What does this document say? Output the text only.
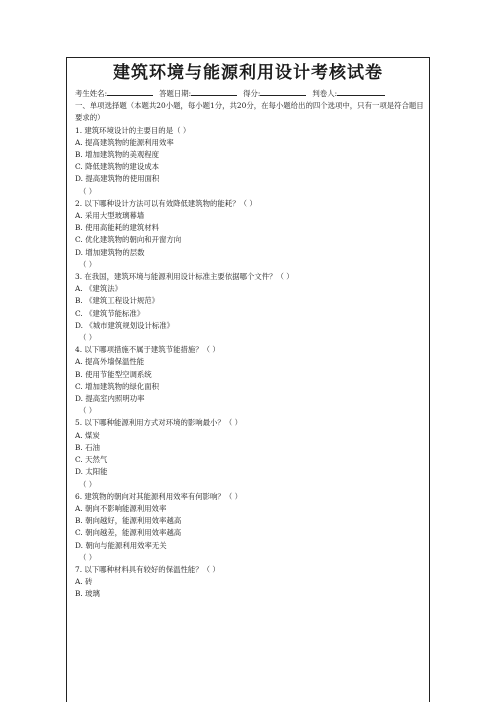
建筑环境与能源利用设计考核试卷
考生姓名:	答题日期:	得分:	判卷人:
一、单项选择题（本题共20小题，每小题1分，共20分，在每小题给出的四个选项中，只有一项是符合题目要求的）
1. 建筑环境设计的主要目的是（ ）
A. 提高建筑物的能源利用效率
B. 增加建筑物的美观程度
C. 降低建筑物的建设成本
D. 提高建筑物的使用面积
（ ）
2. 以下哪种设计方法可以有效降低建筑物的能耗？（ ）
A. 采用大型玻璃幕墙
B. 使用高能耗的建筑材料
C. 优化建筑物的朝向和开窗方向
D. 增加建筑物的层数
（ ）
3. 在我国，建筑环境与能源利用设计标准主要依据哪个文件？（ ）
A. 《建筑法》
B. 《建筑工程设计规范》
C. 《建筑节能标准》
D. 《城市建筑规划设计标准》
（ ）
4. 以下哪项措施不属于建筑节能措施？（ ）
A. 提高外墙保温性能
B. 使用节能型空调系统
C. 增加建筑物的绿化面积
D. 提高室内照明功率
（ ）
5. 以下哪种能源利用方式对环境的影响最小？（ ）
A. 煤炭
B. 石油
C. 天然气
D. 太阳能
（ ）
6. 建筑物的朝向对其能源利用效率有何影响？（ ）
A. 朝向不影响能源利用效率
B. 朝向越好，能源利用效率越高
C. 朝向越差，能源利用效率越高
D. 朝向与能源利用效率无关
（ ）
7. 以下哪种材料具有较好的保温性能？（ ）
A. 砖
B. 玻璃
